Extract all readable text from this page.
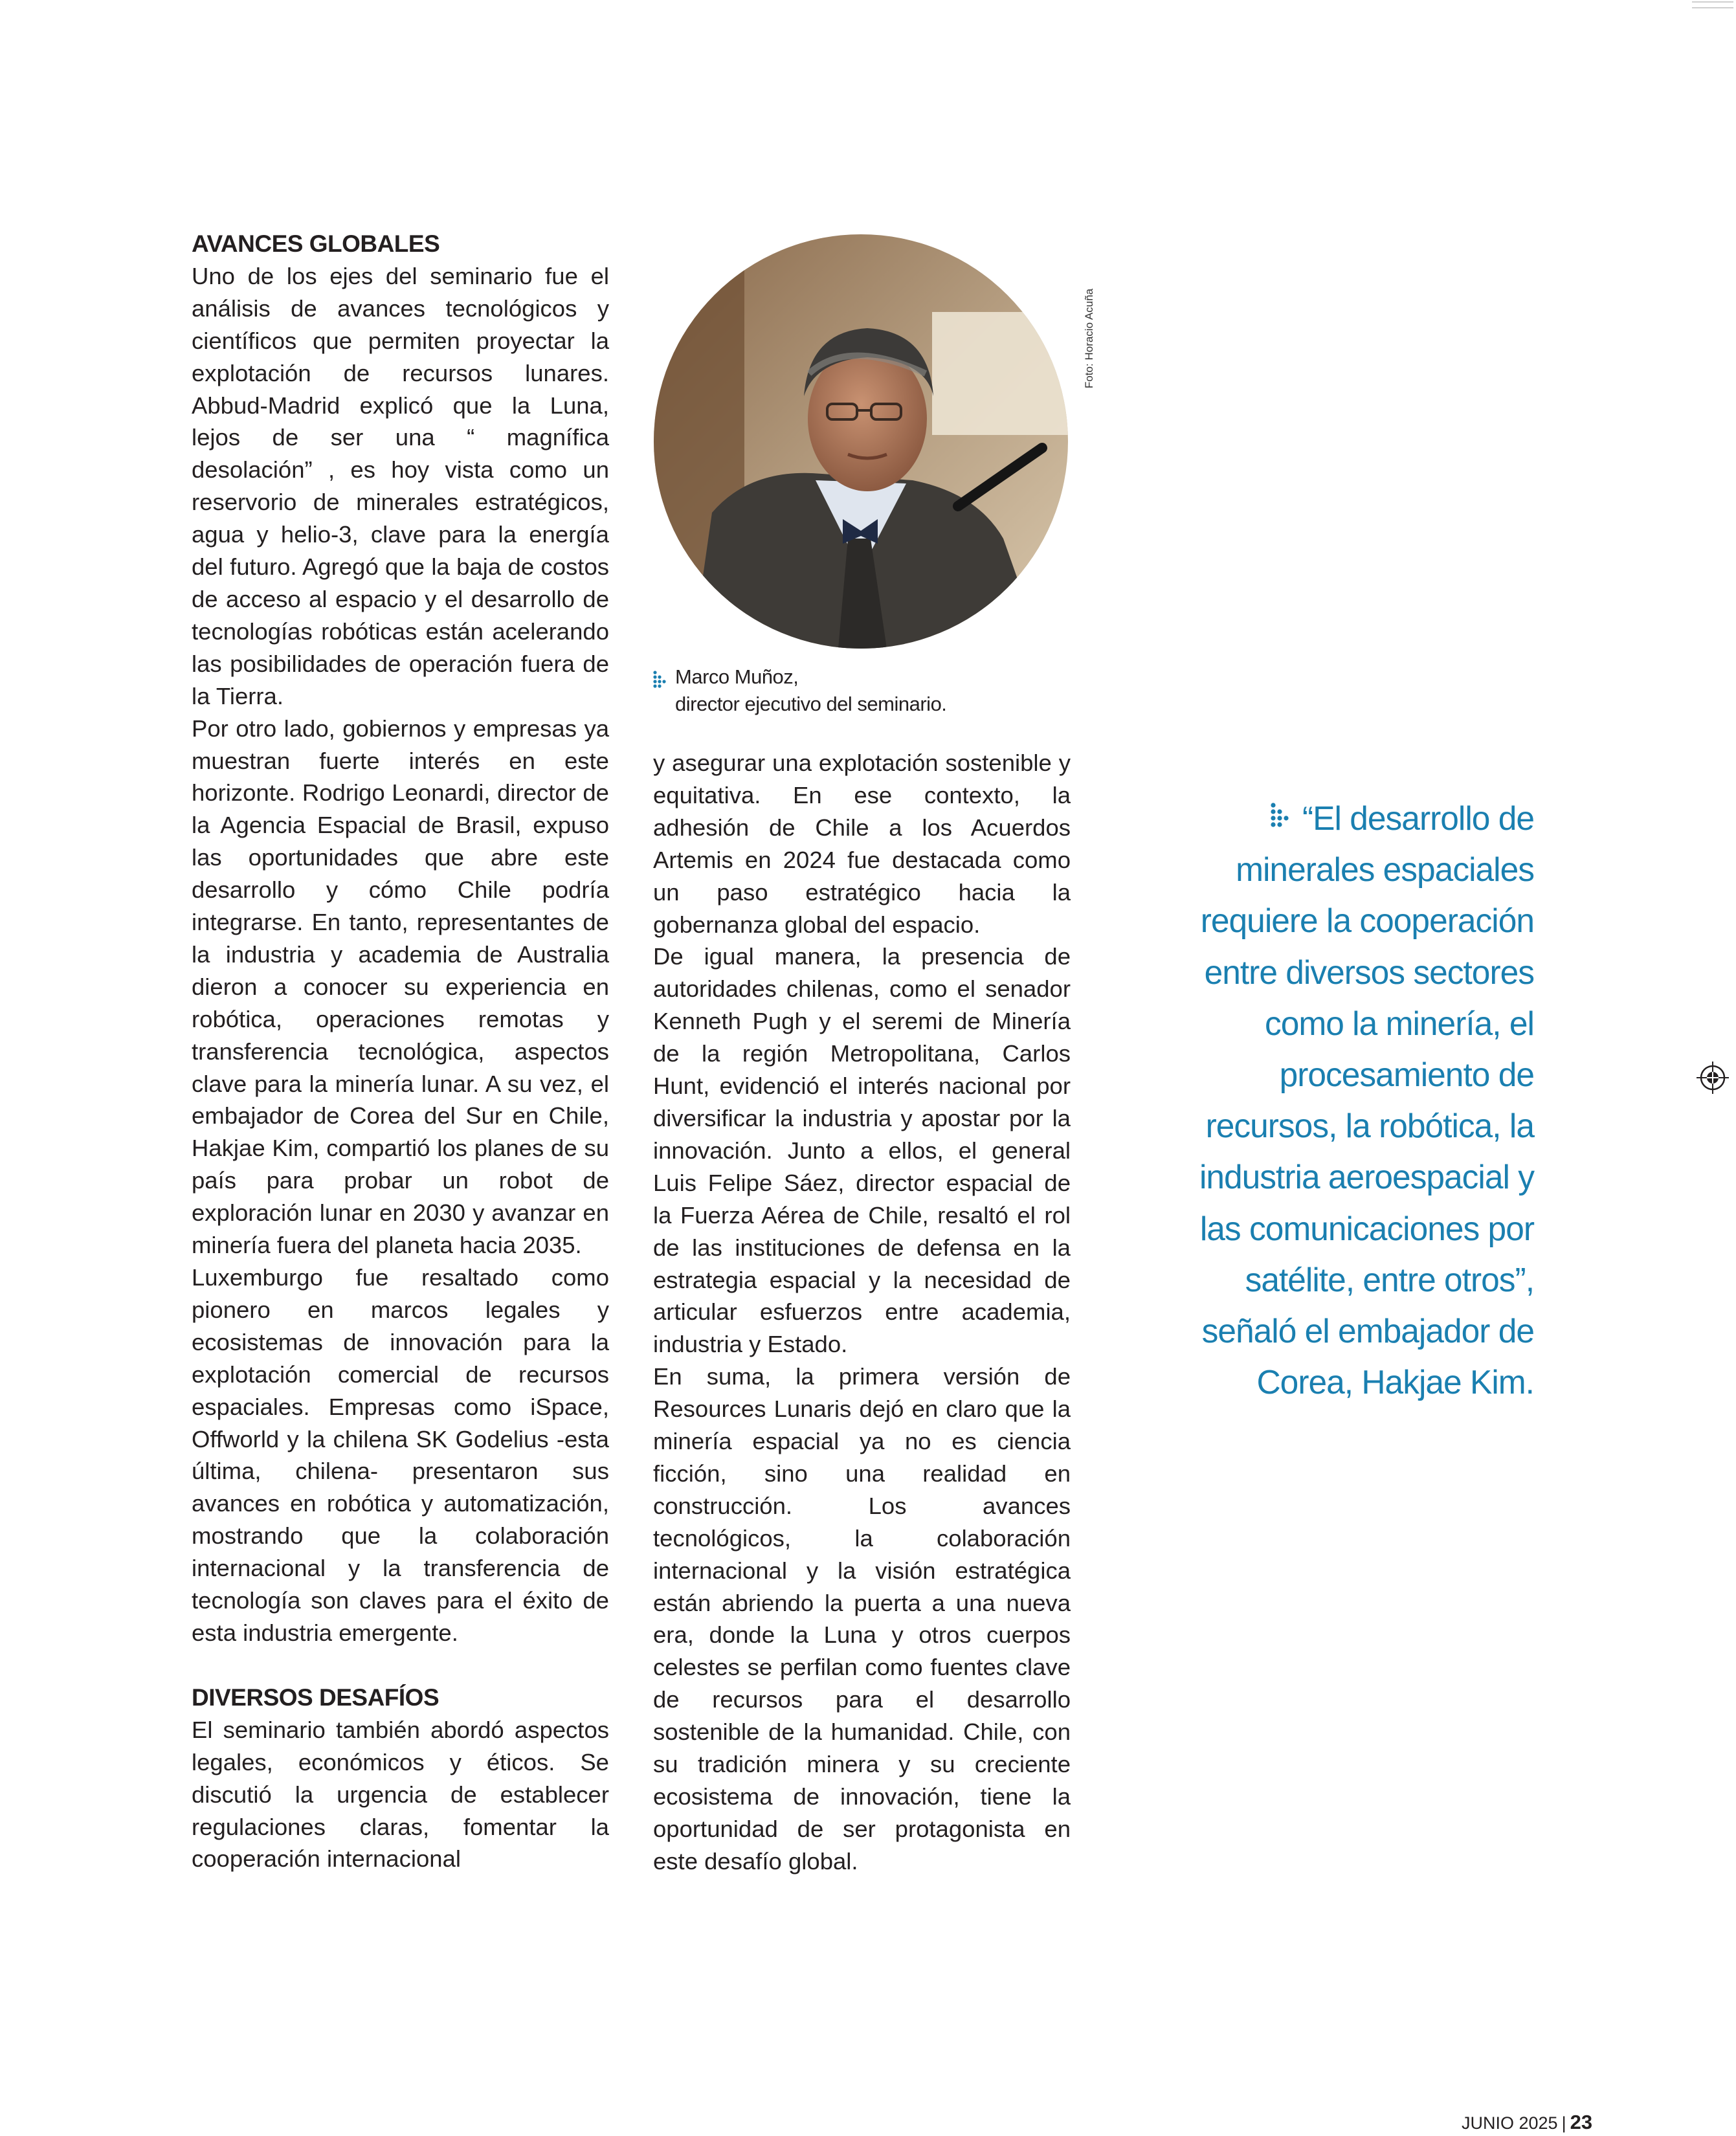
AVANCES GLOBALES

Uno de los ejes del seminario fue el análisis de avances tecnológicos y científicos que permiten proyectar la explotación de recursos lunares. Abbud-Madrid explicó que la Luna, lejos de ser una “ magnífica desolación” , es hoy vista como un reservorio de minerales estratégicos, agua y helio-3, clave para la energía del futuro. Agregó que la baja de costos de acceso al espacio y el desarrollo de tecnologías robóticas están acelerando las posibilidades de operación fuera de la Tierra.

Por otro lado, gobiernos y empresas ya muestran fuerte interés en este horizonte. Rodrigo Leonardi, director de la Agencia Espacial de Brasil, expuso las oportunidades que abre este desarrollo y cómo Chile podría integrarse. En tanto, representantes de la industria y academia de Australia dieron a conocer su experiencia en robótica, operaciones remotas y transferencia tecnológica, aspectos clave para la minería lunar. A su vez, el embajador de Corea del Sur en Chile, Hakjae Kim, compartió los planes de su país para probar un robot de exploración lunar en 2030 y avanzar en minería fuera del planeta hacia 2035.

Luxemburgo fue resaltado como pionero en marcos legales y ecosistemas de innovación para la explotación comercial de recursos espaciales. Empresas como iSpace, Offworld y la chilena SK Godelius -esta última, chilena- presentaron sus avances en robótica y automatización, mostrando que la colaboración internacional y la transferencia de tecnología son claves para el éxito de esta industria emergente.

DIVERSOS DESAFÍOS

El seminario también abordó aspectos legales, económicos y éticos. Se discutió la urgencia de establecer regulaciones claras, fomentar la cooperación internacional

Foto: Horacio Acuña
Marco Muñoz,
director ejecutivo del seminario.

y asegurar una explotación sostenible y equitativa. En ese contexto, la adhesión de Chile a los Acuerdos Artemis en 2024 fue destacada como un paso estratégico hacia la gobernanza global del espacio.

De igual manera, la presencia de autoridades chilenas, como el senador Kenneth Pugh y el seremi de Minería de la región Metropolitana, Carlos Hunt, evidenció el interés nacional por diversificar la industria y apostar por la innovación. Junto a ellos, el general Luis Felipe Sáez, director espacial de la Fuerza Aérea de Chile, resaltó el rol de las instituciones de defensa en la estrategia espacial y la necesidad de articular esfuerzos entre academia, industria y Estado.

En suma, la primera versión de Resources Lunaris dejó en claro que la minería espacial ya no es ciencia ficción, sino una realidad en construcción. Los avances tecnológicos, la colaboración internacional y la visión estratégica están abriendo la puerta a una nueva era, donde la Luna y otros cuerpos celestes se perfilan como fuentes clave de recursos para el desarrollo sostenible de la humanidad. Chile, con su tradición minera y su creciente ecosistema de innovación, tiene la oportunidad de ser protagonista en este desafío global.

“El desarrollo de
minerales espaciales
requiere la cooperación
entre diversos sectores
como la minería, el
procesamiento de
recursos, la robótica, la
industria aeroespacial y
las comunicaciones por
satélite, entre otros”,
señaló el embajador de
Corea, Hakjae Kim.
JUNIO 2025 | 23
